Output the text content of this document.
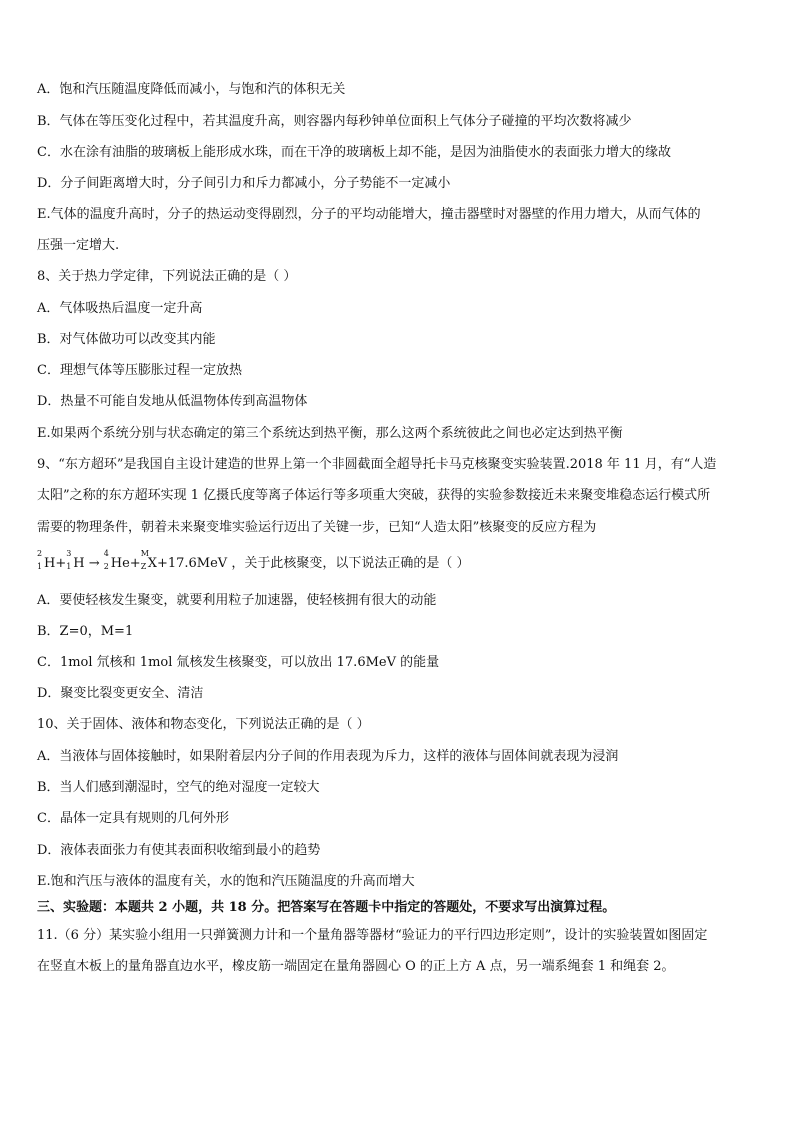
A．饱和汽压随温度降低而减小，与饱和汽的体积无关
B．气体在等压变化过程中，若其温度升高，则容器内每秒钟单位面积上气体分子碰撞的平均次数将减少
C．水在涂有油脂的玻璃板上能形成水珠，而在干净的玻璃板上却不能，是因为油脂使水的表面张力增大的缘故
D．分子间距离增大时，分子间引力和斥力都减小，分子势能不一定减小
E.气体的温度升高时，分子的热运动变得剧烈，分子的平均动能增大，撞击器壁时对器壁的作用力增大，从而气体的
压强一定增大.
8、关于热力学定律，下列说法正确的是（ ）
A．气体吸热后温度一定升高
B．对气体做功可以改变其内能
C．理想气体等压膨胀过程一定放热
D．热量不可能自发地从低温物体传到高温物体
E.如果两个系统分别与状态确定的第三个系统达到热平衡，那么这两个系统彼此之间也必定达到热平衡
9、“东方超环”是我国自主设计建造的世界上第一个非圆截面全超导托卡马克核聚变实验装置.2018 年 11 月，有“人造
太阳”之称的东方超环实现 1 亿摄氏度等离子体运行等多项重大突破，获得的实验参数接近未来聚变堆稳态运行模式所
需要的物理条件，朝着未来聚变堆实验运行迈出了关键一步，已知“人造太阳”核聚变的反应方程为
2
1 H+
3
1 H →
4
2 He+
M
Z X+17.6MeV ，关于此核聚变，以下说法正确的是（ ）
A．要使轻核发生聚变，就要利用粒子加速器，使轻核拥有很大的动能
B．Z=0，M=1
C．1mol 氘核和 1mol 氚核发生核聚变，可以放出 17.6MeV 的能量
D．聚变比裂变更安全、清洁
10、关于固体、液体和物态变化，下列说法正确的是（ ）
A．当液体与固体接触时，如果附着层内分子间的作用表现为斥力，这样的液体与固体间就表现为浸润
B．当人们感到潮湿时，空气的绝对湿度一定较大
C．晶体一定具有规则的几何外形
D．液体表面张力有使其表面积收缩到最小的趋势
E.饱和汽压与液体的温度有关，水的饱和汽压随温度的升高而增大
三、实验题：本题共 2 小题，共 18 分。把答案写在答题卡中指定的答题处，不要求写出演算过程。
11.（6 分）某实验小组用一只弹簧测力计和一个量角器等器材“验证力的平行四边形定则”，设计的实验装置如图固定
在竖直木板上的量角器直边水平，橡皮筋一端固定在量角器圆心 O 的正上方 A 点，另一端系绳套 1 和绳套 2。
